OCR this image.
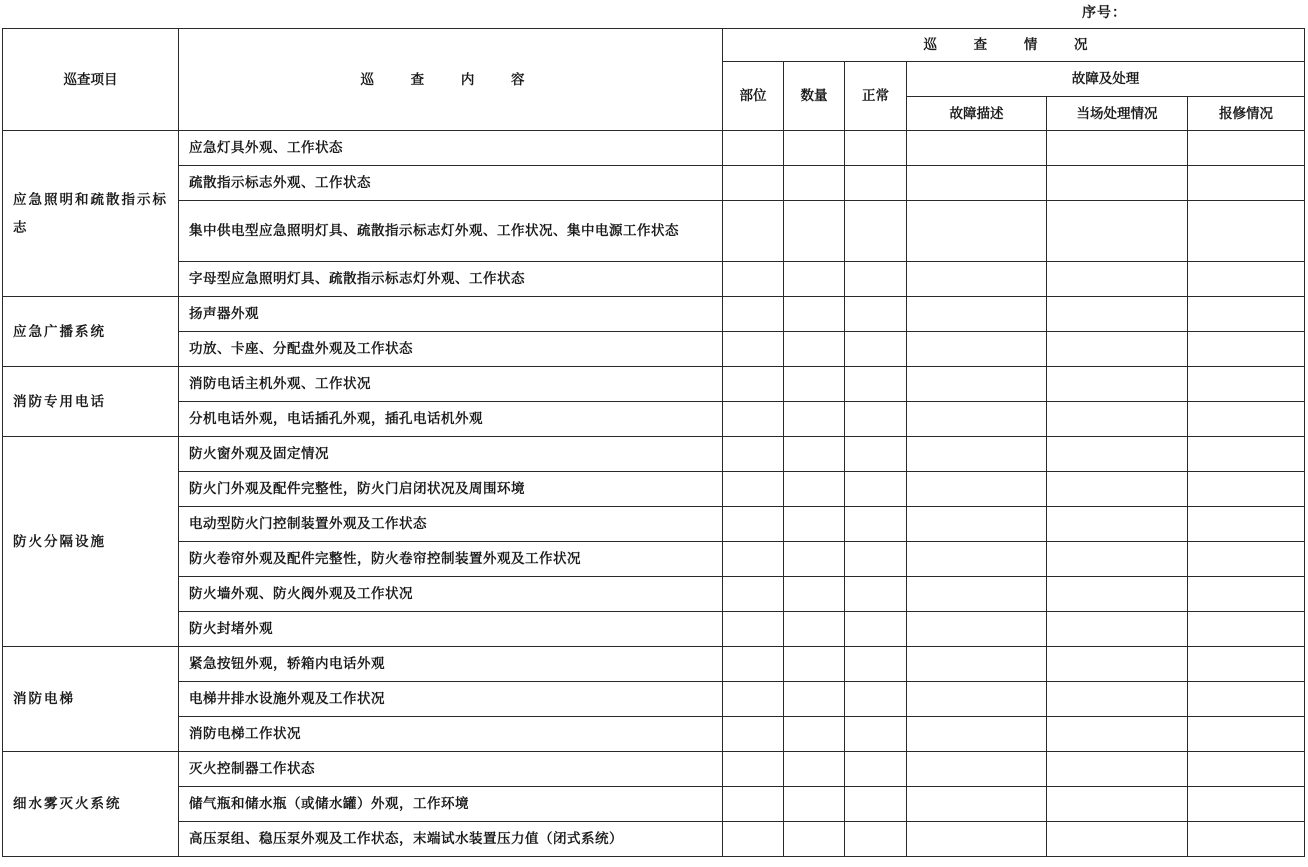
序号：
巡查项目	巡 查 内 容	巡 查 情 况					
		部位	数量	正常	故障及处理		
					故障描述	当场处理情况	报修情况
应急照明和疏散指示标志	应急灯具外观、工作状态						
	疏散指示标志外观、工作状态						
	集中供电型应急照明灯具、疏散指示标志灯外观、工作状况、集中电源工作状态						
	字母型应急照明灯具、疏散指示标志灯外观、工作状态						
应急广播系统	扬声器外观						
	功放、卡座、分配盘外观及工作状态						
消防专用电话	消防电话主机外观、工作状况						
	分机电话外观，电话插孔外观，插孔电话机外观						
防火分隔设施	防火窗外观及固定情况						
	防火门外观及配件完整性，防火门启闭状况及周围环境						
	电动型防火门控制装置外观及工作状态						
	防火卷帘外观及配件完整性，防火卷帘控制装置外观及工作状况						
	防火墙外观、防火阀外观及工作状况						
	防火封堵外观						
消防电梯	紧急按钮外观，轿箱内电话外观						
	电梯井排水设施外观及工作状况						
	消防电梯工作状况						
细水雾灭火系统	灭火控制器工作状态						
	储气瓶和储水瓶（或储水罐）外观，工作环境						
	高压泵组、稳压泵外观及工作状态，末端试水装置压力值（闭式系统）						
